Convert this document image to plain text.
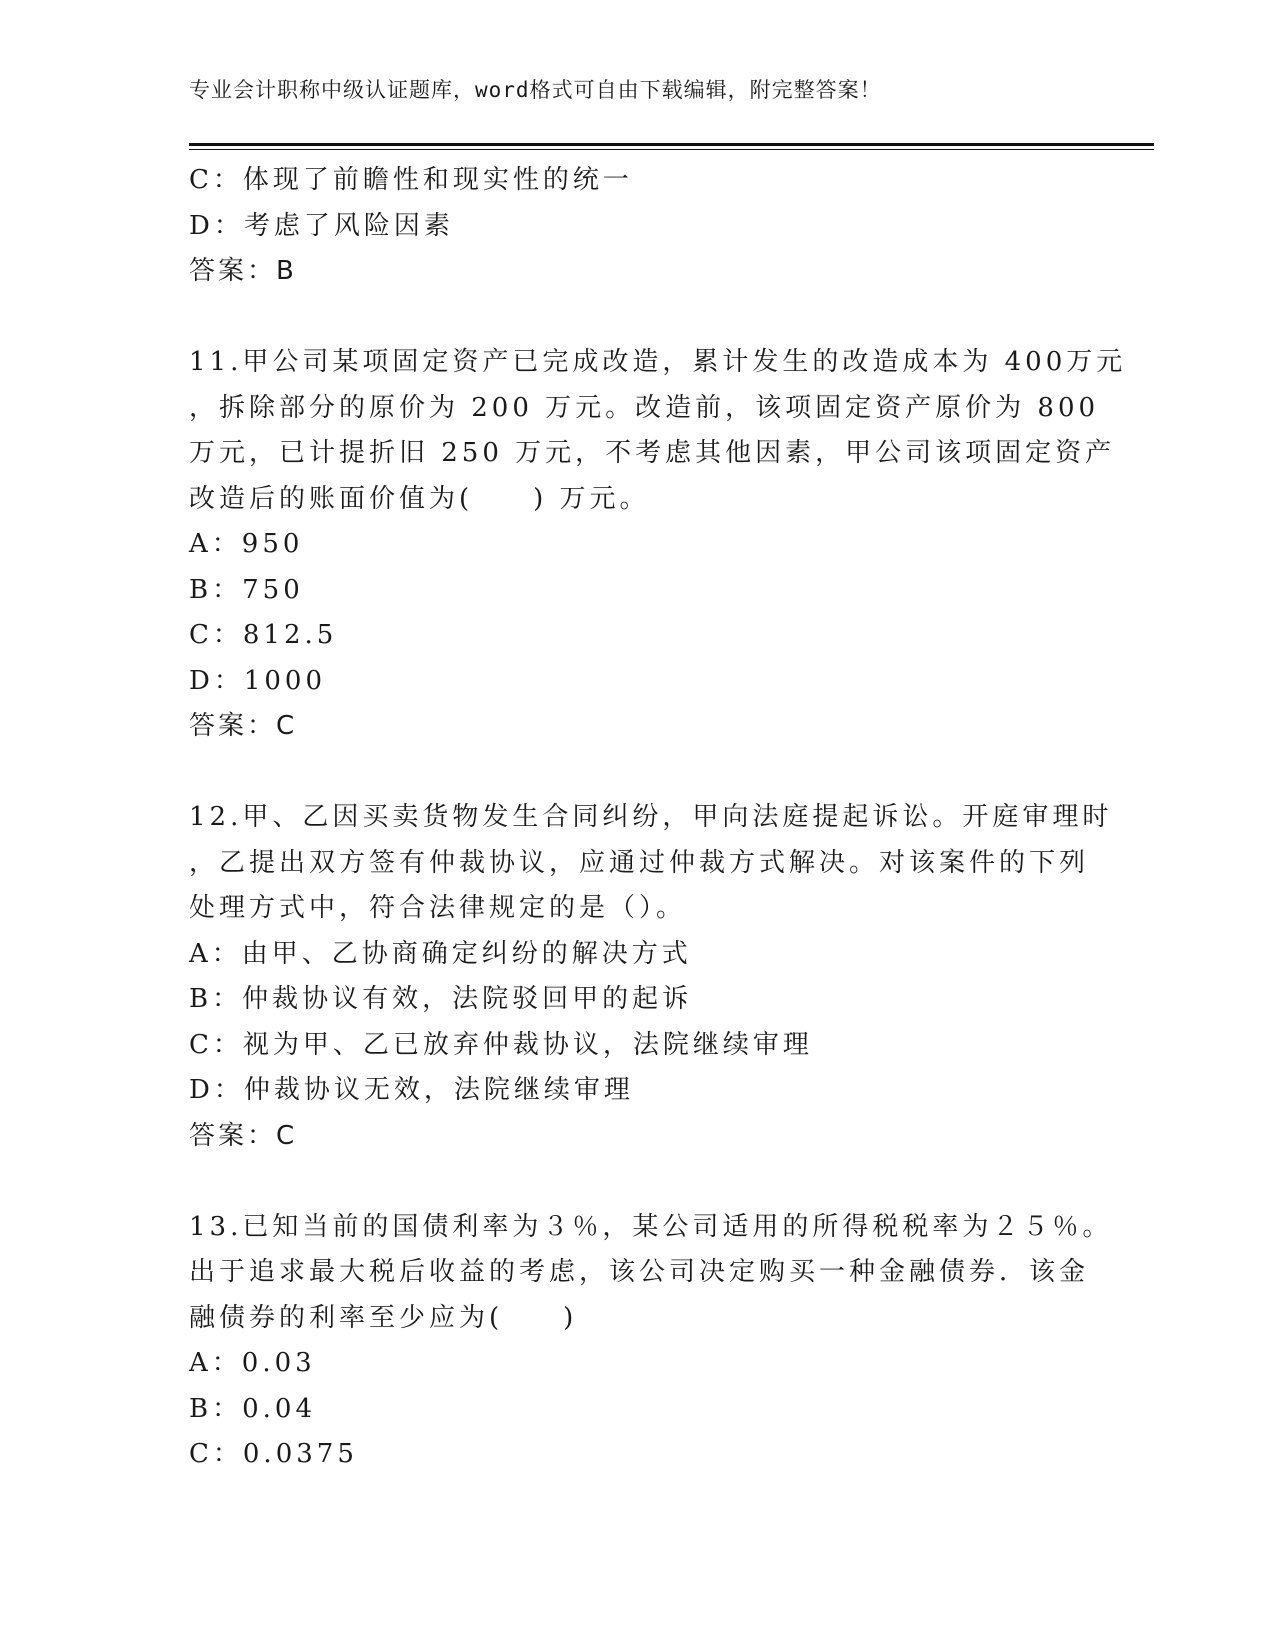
专业会计职称中级认证题库，word格式可自由下载编辑，附完整答案！
C：体现了前瞻性和现实性的统一
D：考虑了风险因素
答案：B
11.甲公司某项固定资产已完成改造，累计发生的改造成本为 400万元
，拆除部分的原价为 200 万元。改造前，该项固定资产原价为 800
万元，已计提折旧 250 万元，不考虑其他因素，甲公司该项固定资产
改造后的账面价值为(　　) 万元。
A：950
B：750
C：812.5
D：1000
答案：C
12.甲、乙因买卖货物发生合同纠纷，甲向法庭提起诉讼。开庭审理时
，乙提出双方签有仲裁协议，应通过仲裁方式解决。对该案件的下列
处理方式中，符合法律规定的是（）。
A：由甲、乙协商确定纠纷的解决方式
B：仲裁协议有效，法院驳回甲的起诉
C：视为甲、乙已放弃仲裁协议，法院继续审理
D：仲裁协议无效，法院继续审理
答案：C
13.已知当前的国债利率为３％，某公司适用的所得税税率为２５％。
出于追求最大税后收益的考虑，该公司决定购买一种金融债券．该金
融债券的利率至少应为(　　)
A：0.03
B：0.04
C：0.0375
